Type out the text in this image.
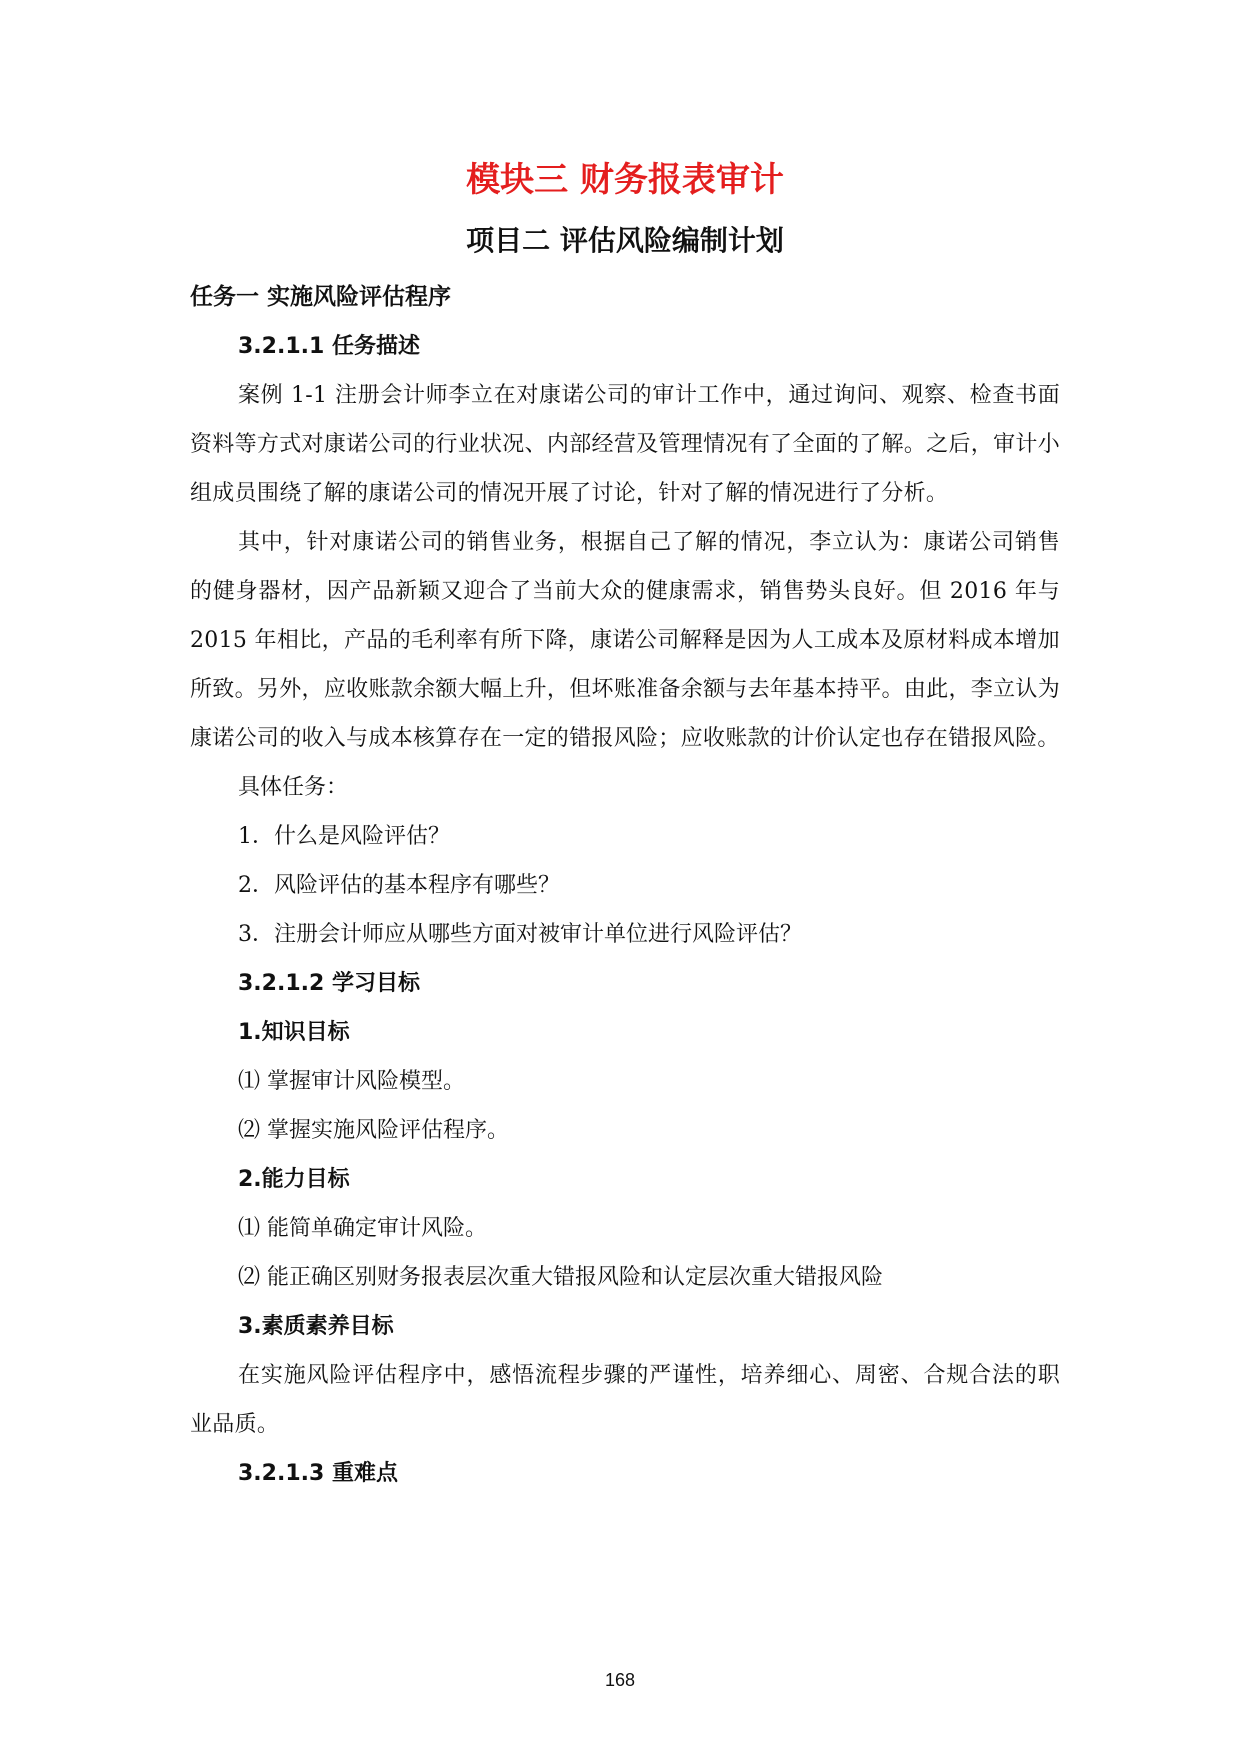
模块三 财务报表审计
项目二 评估风险编制计划
任务一 实施风险评估程序
3.2.1.1 任务描述

案例 1-1 注册会计师李立在对康诺公司的审计工作中，通过询问、观察、检查书面资料等方式对康诺公司的行业状况、内部经营及管理情况有了全面的了解。之后，审计小组成员围绕了解的康诺公司的情况开展了讨论，针对了解的情况进行了分析。

其中，针对康诺公司的销售业务，根据自己了解的情况，李立认为：康诺公司销售的健身器材，因产品新颖又迎合了当前大众的健康需求，销售势头良好。但 2016 年与 2015 年相比，产品的毛利率有所下降，康诺公司解释是因为人工成本及原材料成本增加所致。另外，应收账款余额大幅上升，但坏账准备余额与去年基本持平。由此，李立认为康诺公司的收入与成本核算存在一定的错报风险；应收账款的计价认定也存在错报风险。

具体任务：
1．什么是风险评估？
2．风险评估的基本程序有哪些？
3．注册会计师应从哪些方面对被审计单位进行风险评估？
3.2.1.2 学习目标
1.知识目标
⑴ 掌握审计风险模型。
⑵ 掌握实施风险评估程序。
2.能力目标
⑴ 能简单确定审计风险。
⑵ 能正确区别财务报表层次重大错报风险和认定层次重大错报风险
3.素质素养目标

在实施风险评估程序中，感悟流程步骤的严谨性，培养细心、周密、合规合法的职业品质。

3.2.1.3 重难点
168
